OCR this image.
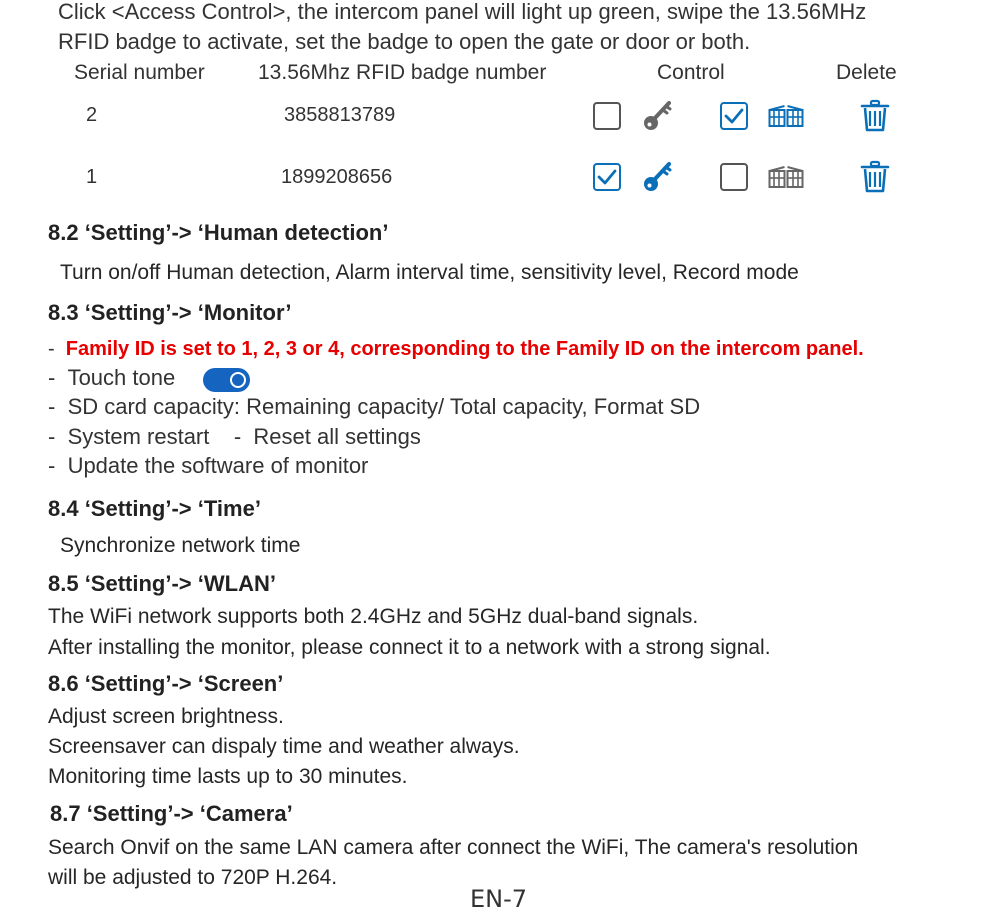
Click <Access Control>, the intercom panel will light up green, swipe the 13.56MHz
RFID badge to activate, set the badge to open the gate or door or both.
Serial number	13.56Mhz RFID badge number	Control	Delete
2	3858813789
1	1899208656
8.2 ‘Setting’-> ‘Human detection’
Turn on/off Human detection, Alarm interval time, sensitivity level, Record mode
8.3 ‘Setting’-> ‘Monitor’
-  Family ID is set to 1, 2, 3 or 4, corresponding to the Family ID on the intercom panel.
-  Touch tone
-  SD card capacity: Remaining capacity/ Total capacity, Format SD
-  System restart    -  Reset all settings
-  Update the software of monitor
8.4 ‘Setting’-> ‘Time’
Synchronize network time
8.5 ‘Setting’-> ‘WLAN’
The WiFi network supports both 2.4GHz and 5GHz dual-band signals.
After installing the monitor, please connect it to a network with a strong signal.
8.6 ‘Setting’-> ‘Screen’
Adjust screen brightness.
Screensaver can dispaly time and weather always.
Monitoring time lasts up to 30 minutes.
8.7 ‘Setting’-> ‘Camera’
Search Onvif on the same LAN camera after connect the WiFi, The camera's resolution
will be adjusted to 720P H.264.
EN-7
